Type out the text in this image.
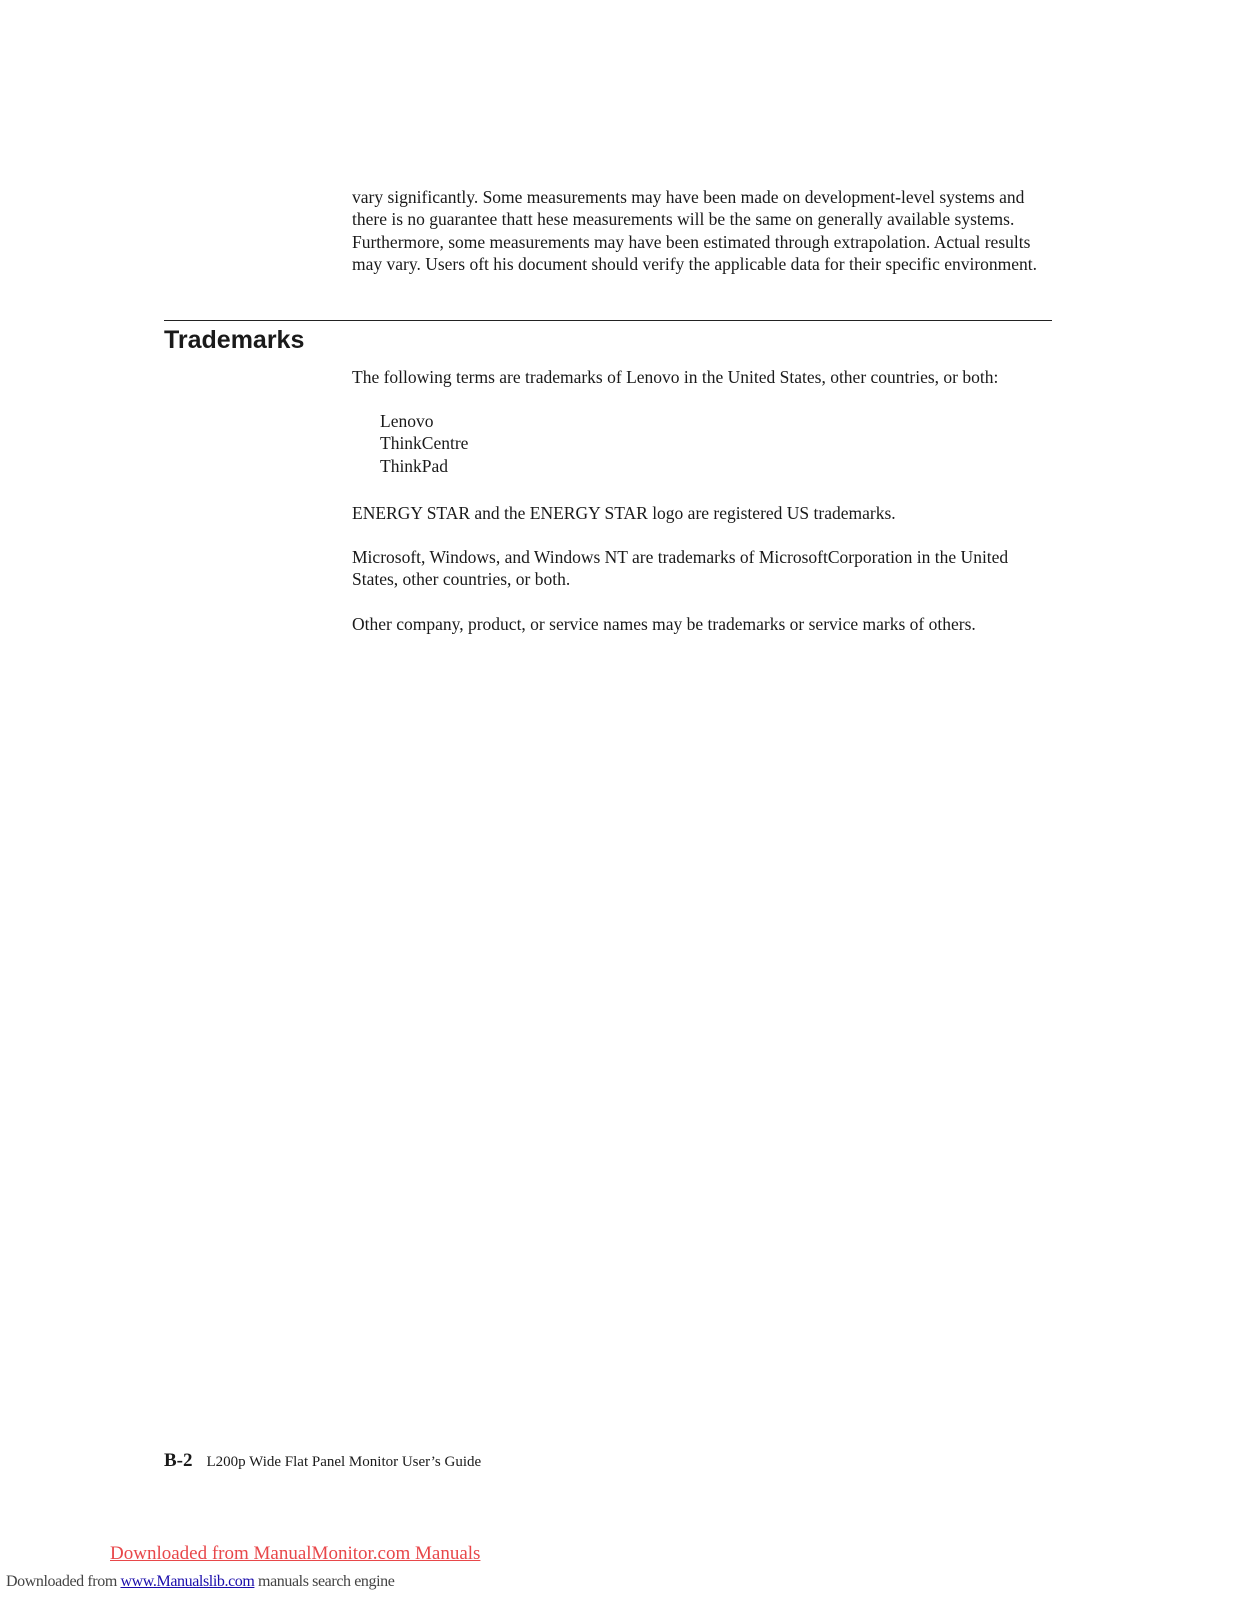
vary significantly. Some measurements may have been made on development-level systems and there is no guarantee thatt hese measurements will be the same on generally available systems. Furthermore, some measurements may have been estimated through extrapolation. Actual results may vary. Users oft his document should verify the applicable data for their specific environment.

Trademarks

The following terms are trademarks of Lenovo in the United States, other countries, or both:

Lenovo
ThinkCentre
ThinkPad

ENERGY STAR and the ENERGY STAR logo are registered US trademarks.

Microsoft, Windows, and Windows NT are trademarks of MicrosoftCorporation in the United States, other countries, or both.

Other company, product, or service names may be trademarks or service marks of others.

B-2 L200p Wide Flat Panel Monitor User’s Guide

Downloaded from ManualMonitor.com Manuals

Downloaded from www.Manualslib.com manuals search engine
